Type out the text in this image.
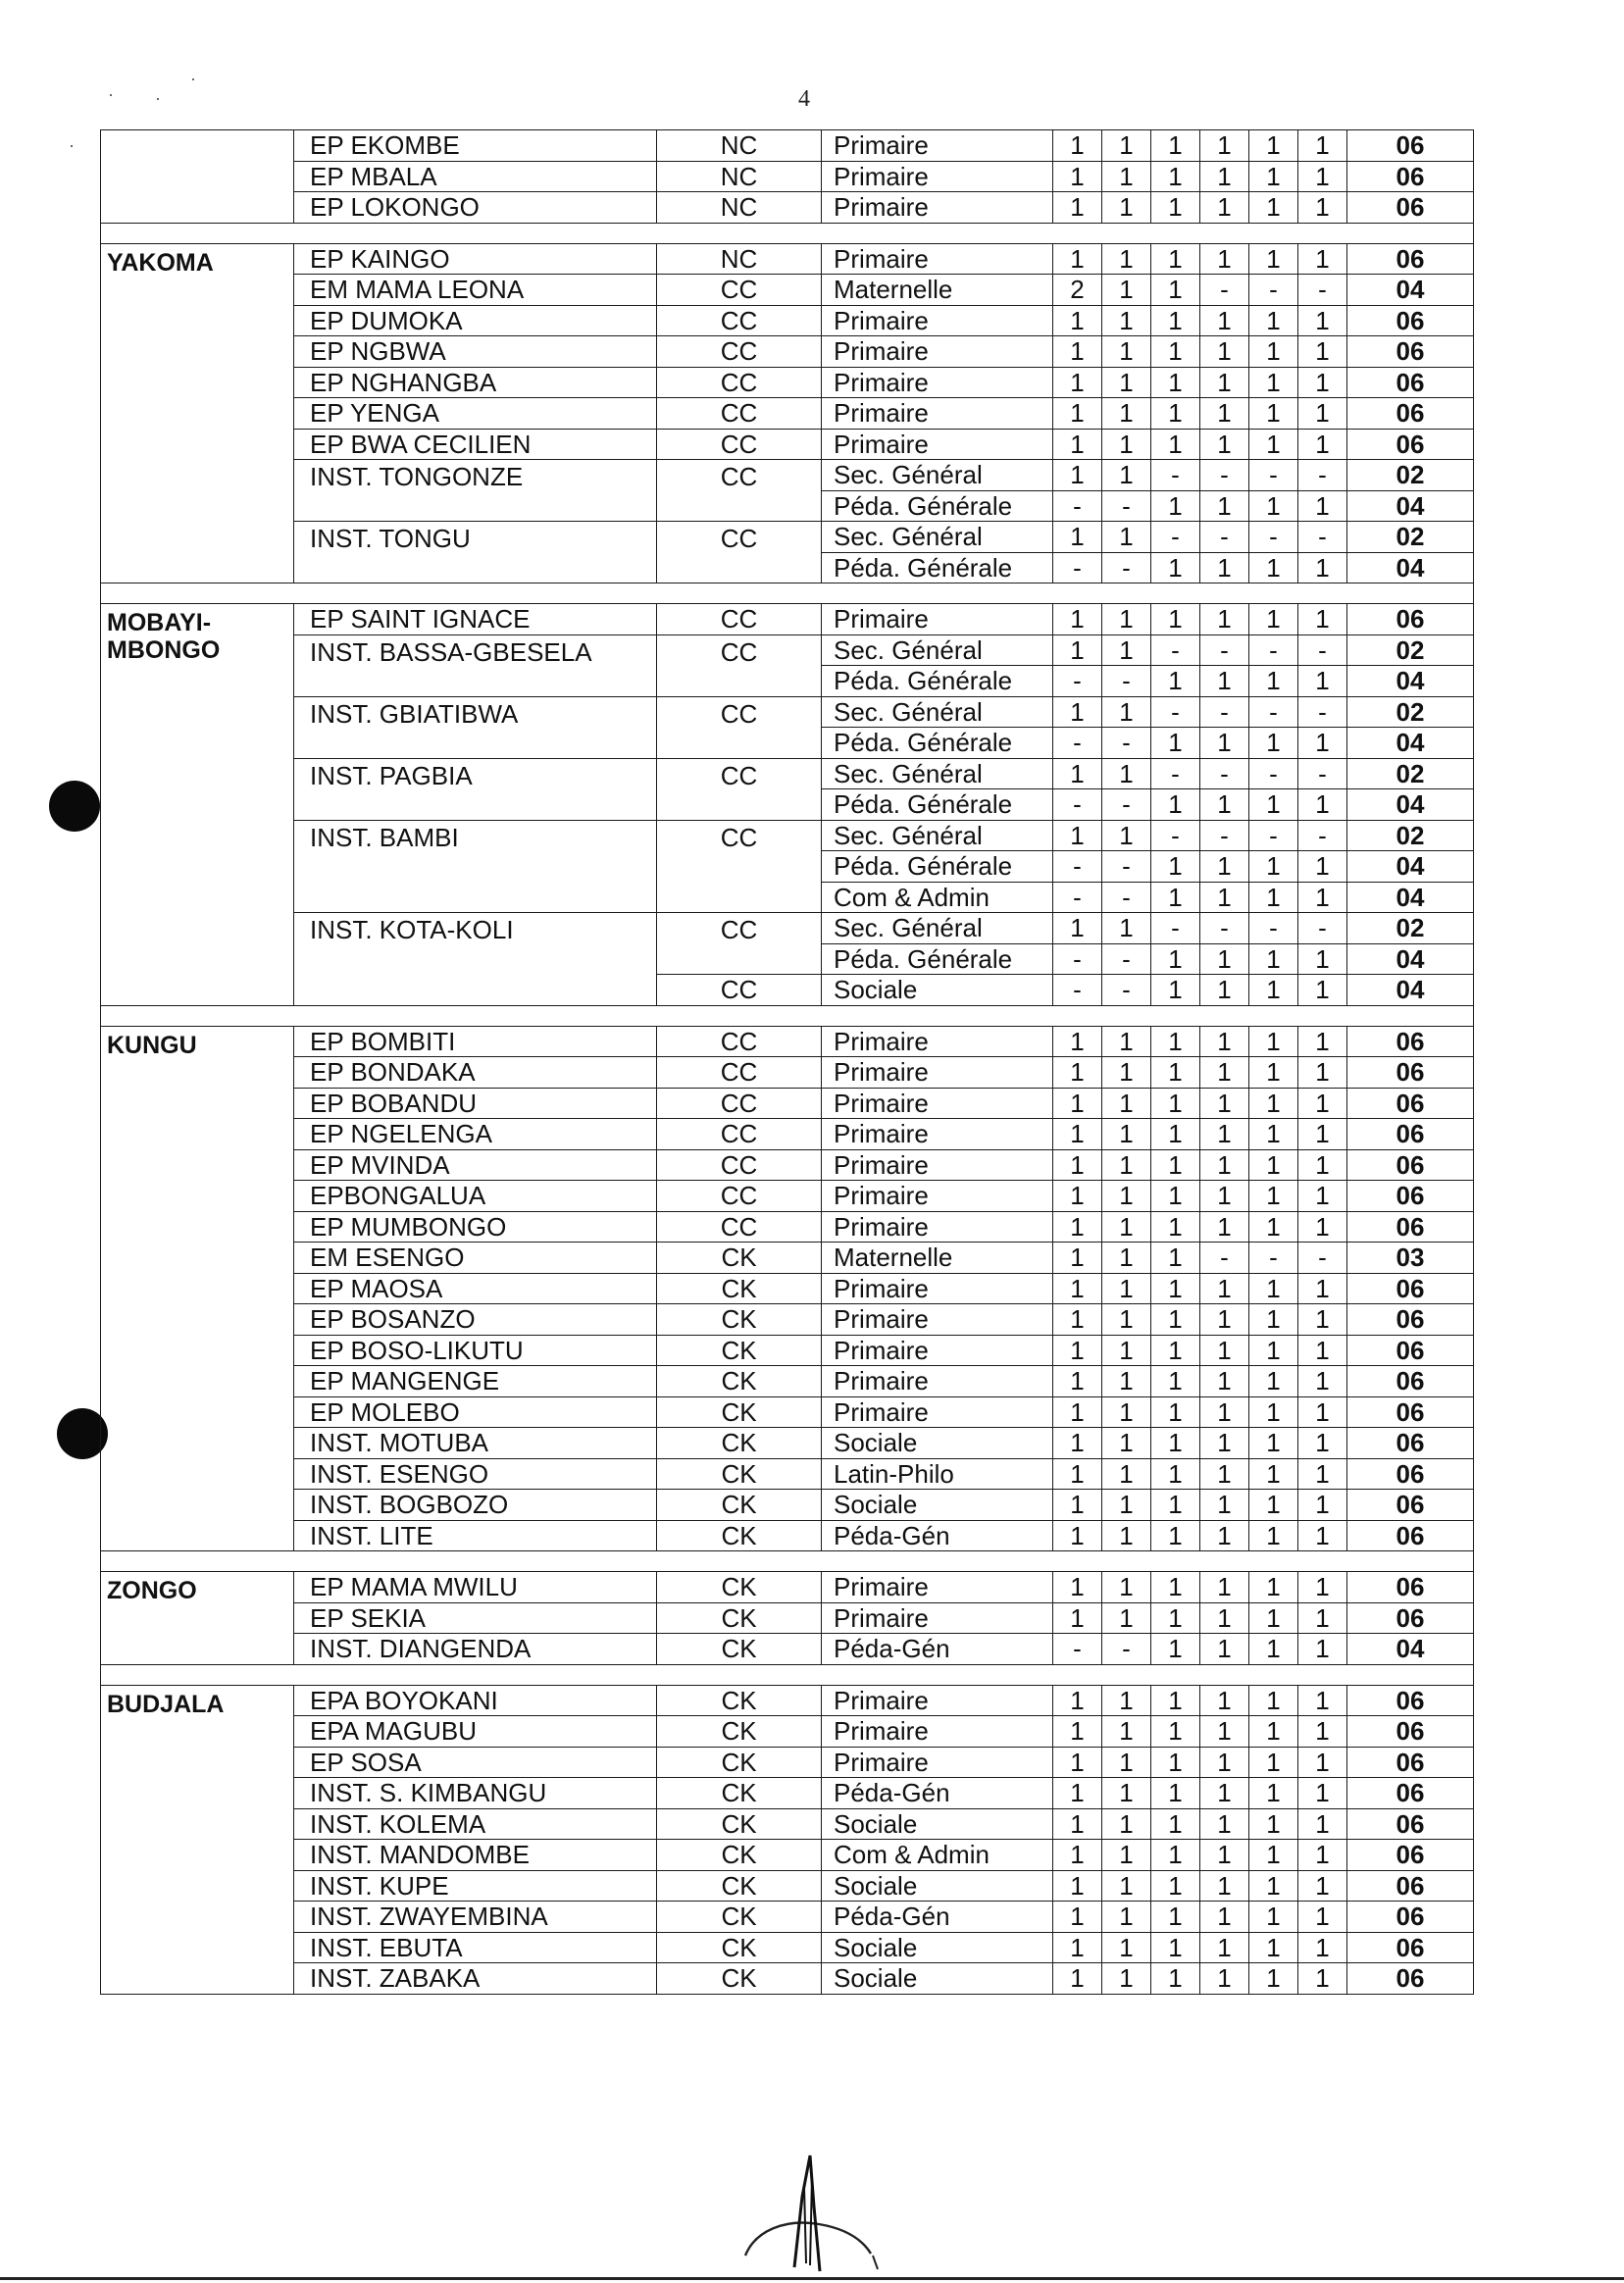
4
	EP EKOMBE	NC	Primaire	1	1	1	1	1	1	06
	EP MBALA	NC	Primaire	1	1	1	1	1	1	06
	EP LOKONGO	NC	Primaire	1	1	1	1	1	1	06

YAKOMA	EP KAINGO	NC	Primaire	1	1	1	1	1	1	06
	EM MAMA LEONA	CC	Maternelle	2	1	1	-	-	-	04
	EP DUMOKA	CC	Primaire	1	1	1	1	1	1	06
	EP NGBWA	CC	Primaire	1	1	1	1	1	1	06
	EP NGHANGBA	CC	Primaire	1	1	1	1	1	1	06
	EP YENGA	CC	Primaire	1	1	1	1	1	1	06
	EP BWA CECILIEN	CC	Primaire	1	1	1	1	1	1	06
	INST. TONGONZE	CC	Sec. Général	1	1	-	-	-	-	02
			Péda. Générale	-	-	1	1	1	1	04
	INST. TONGU	CC	Sec. Général	1	1	-	-	-	-	02
			Péda. Générale	-	-	1	1	1	1	04

MOBAYI-MBONGO	EP SAINT IGNACE	CC	Primaire	1	1	1	1	1	1	06
	INST. BASSA-GBESELA	CC	Sec. Général	1	1	-	-	-	-	02
			Péda. Générale	-	-	1	1	1	1	04
	INST. GBIATIBWA	CC	Sec. Général	1	1	-	-	-	-	02
			Péda. Générale	-	-	1	1	1	1	04
	INST. PAGBIA	CC	Sec. Général	1	1	-	-	-	-	02
			Péda. Générale	-	-	1	1	1	1	04
	INST. BAMBI	CC	Sec. Général	1	1	-	-	-	-	02
			Péda. Générale	-	-	1	1	1	1	04
			Com & Admin	-	-	1	1	1	1	04
	INST. KOTA-KOLI	CC	Sec. Général	1	1	-	-	-	-	02
			Péda. Générale	-	-	1	1	1	1	04
		CC	Sociale	-	-	1	1	1	1	04

KUNGU	EP BOMBITI	CC	Primaire	1	1	1	1	1	1	06
	EP BONDAKA	CC	Primaire	1	1	1	1	1	1	06
	EP BOBANDU	CC	Primaire	1	1	1	1	1	1	06
	EP NGELENGA	CC	Primaire	1	1	1	1	1	1	06
	EP MVINDA	CC	Primaire	1	1	1	1	1	1	06
	EPBONGALUA	CC	Primaire	1	1	1	1	1	1	06
	EP MUMBONGO	CC	Primaire	1	1	1	1	1	1	06
	EM ESENGO	CK	Maternelle	1	1	1	-	-	-	03
	EP MAOSA	CK	Primaire	1	1	1	1	1	1	06
	EP BOSANZO	CK	Primaire	1	1	1	1	1	1	06
	EP BOSO-LIKUTU	CK	Primaire	1	1	1	1	1	1	06
	EP MANGENGE	CK	Primaire	1	1	1	1	1	1	06
	EP MOLEBO	CK	Primaire	1	1	1	1	1	1	06
	INST. MOTUBA	CK	Sociale	1	1	1	1	1	1	06
	INST. ESENGO	CK	Latin-Philo	1	1	1	1	1	1	06
	INST. BOGBOZO	CK	Sociale	1	1	1	1	1	1	06
	INST. LITE	CK	Péda-Gén	1	1	1	1	1	1	06

ZONGO	EP MAMA MWILU	CK	Primaire	1	1	1	1	1	1	06
	EP SEKIA	CK	Primaire	1	1	1	1	1	1	06
	INST. DIANGENDA	CK	Péda-Gén	-	-	1	1	1	1	04

BUDJALA	EPA BOYOKANI	CK	Primaire	1	1	1	1	1	1	06
	EPA MAGUBU	CK	Primaire	1	1	1	1	1	1	06
	EP SOSA	CK	Primaire	1	1	1	1	1	1	06
	INST. S. KIMBANGU	CK	Péda-Gén	1	1	1	1	1	1	06
	INST. KOLEMA	CK	Sociale	1	1	1	1	1	1	06
	INST. MANDOMBE	CK	Com & Admin	1	1	1	1	1	1	06
	INST. KUPE	CK	Sociale	1	1	1	1	1	1	06
	INST. ZWAYEMBINA	CK	Péda-Gén	1	1	1	1	1	1	06
	INST. EBUTA	CK	Sociale	1	1	1	1	1	1	06
	INST. ZABAKA	CK	Sociale	1	1	1	1	1	1	06
